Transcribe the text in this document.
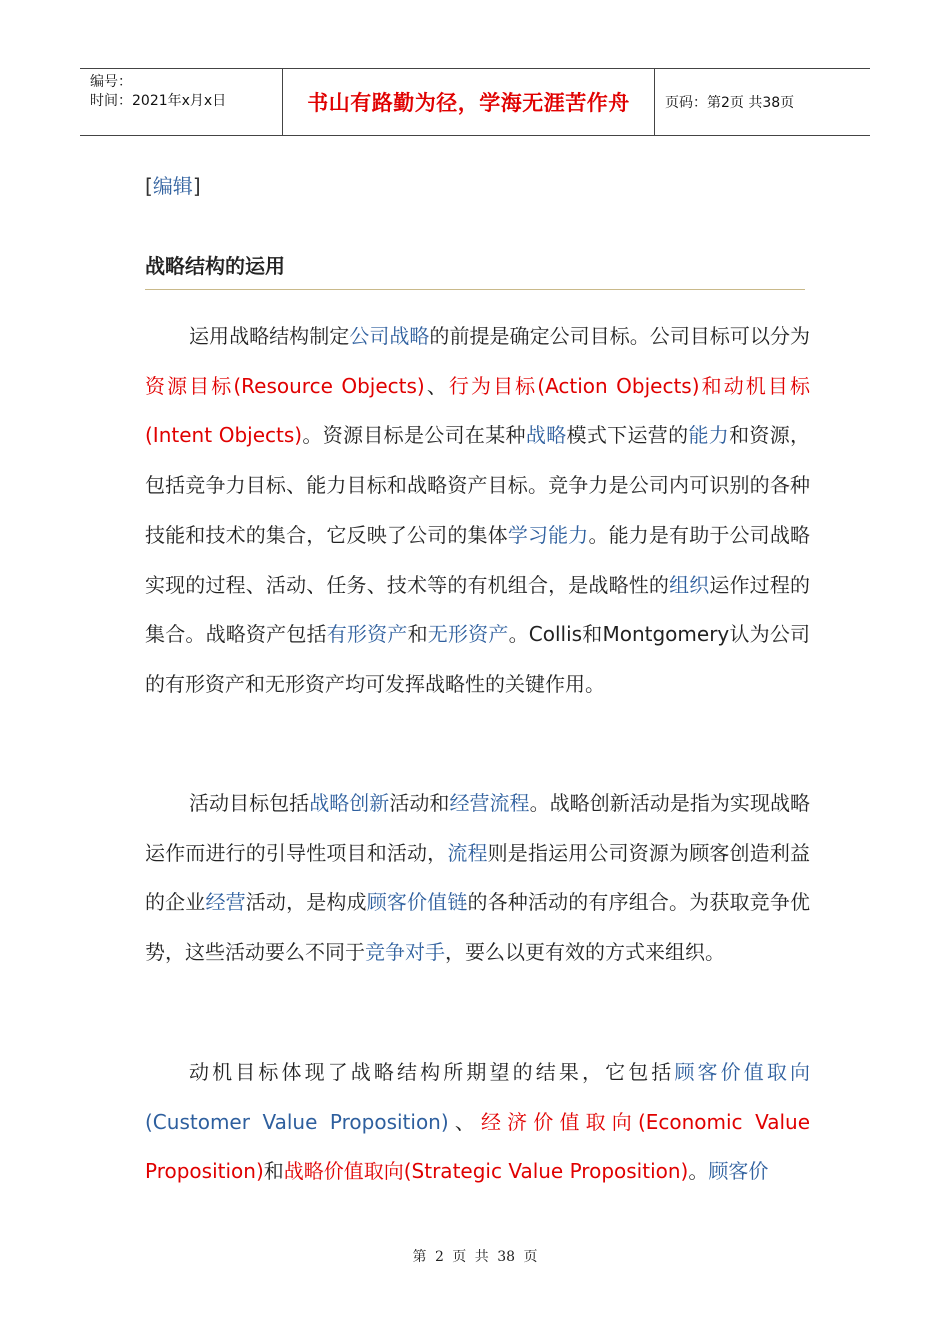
编号：
时间：2021年x月x日	书山有路勤为径，学海无涯苦作舟	页码：第2页 共38页
[编辑]
战略结构的运用

运用战略结构制定公司战略的前提是确定公司目标。公司目标可以分为资源目标(Resource Objects)、行为目标(Action Objects)和动机目标(Intent Objects)。资源目标是公司在某种战略模式下运营的能力和资源，包括竞争力目标、能力目标和战略资产目标。竞争力是公司内可识别的各种技能和技术的集合，它反映了公司的集体学习能力。能力是有助于公司战略实现的过程、活动、任务、技术等的有机组合，是战略性的组织运作过程的集合。战略资产包括有形资产和无形资产。Collis和Montgomery认为公司的有形资产和无形资产均可发挥战略性的关键作用。

活动目标包括战略创新活动和经营流程。战略创新活动是指为实现战略运作而进行的引导性项目和活动，流程则是指运用公司资源为顾客创造利益的企业经营活动，是构成顾客价值链的各种活动的有序组合。为获取竞争优势，这些活动要么不同于竞争对手，要么以更有效的方式来组织。

动机目标体现了战略结构所期望的结果，它包括顾客价值取向(Customer Value Proposition)、经济价值取向(Economic Value Proposition)和战略价值取向(Strategic Value Proposition)。顾客价

第 2 页 共 38 页
